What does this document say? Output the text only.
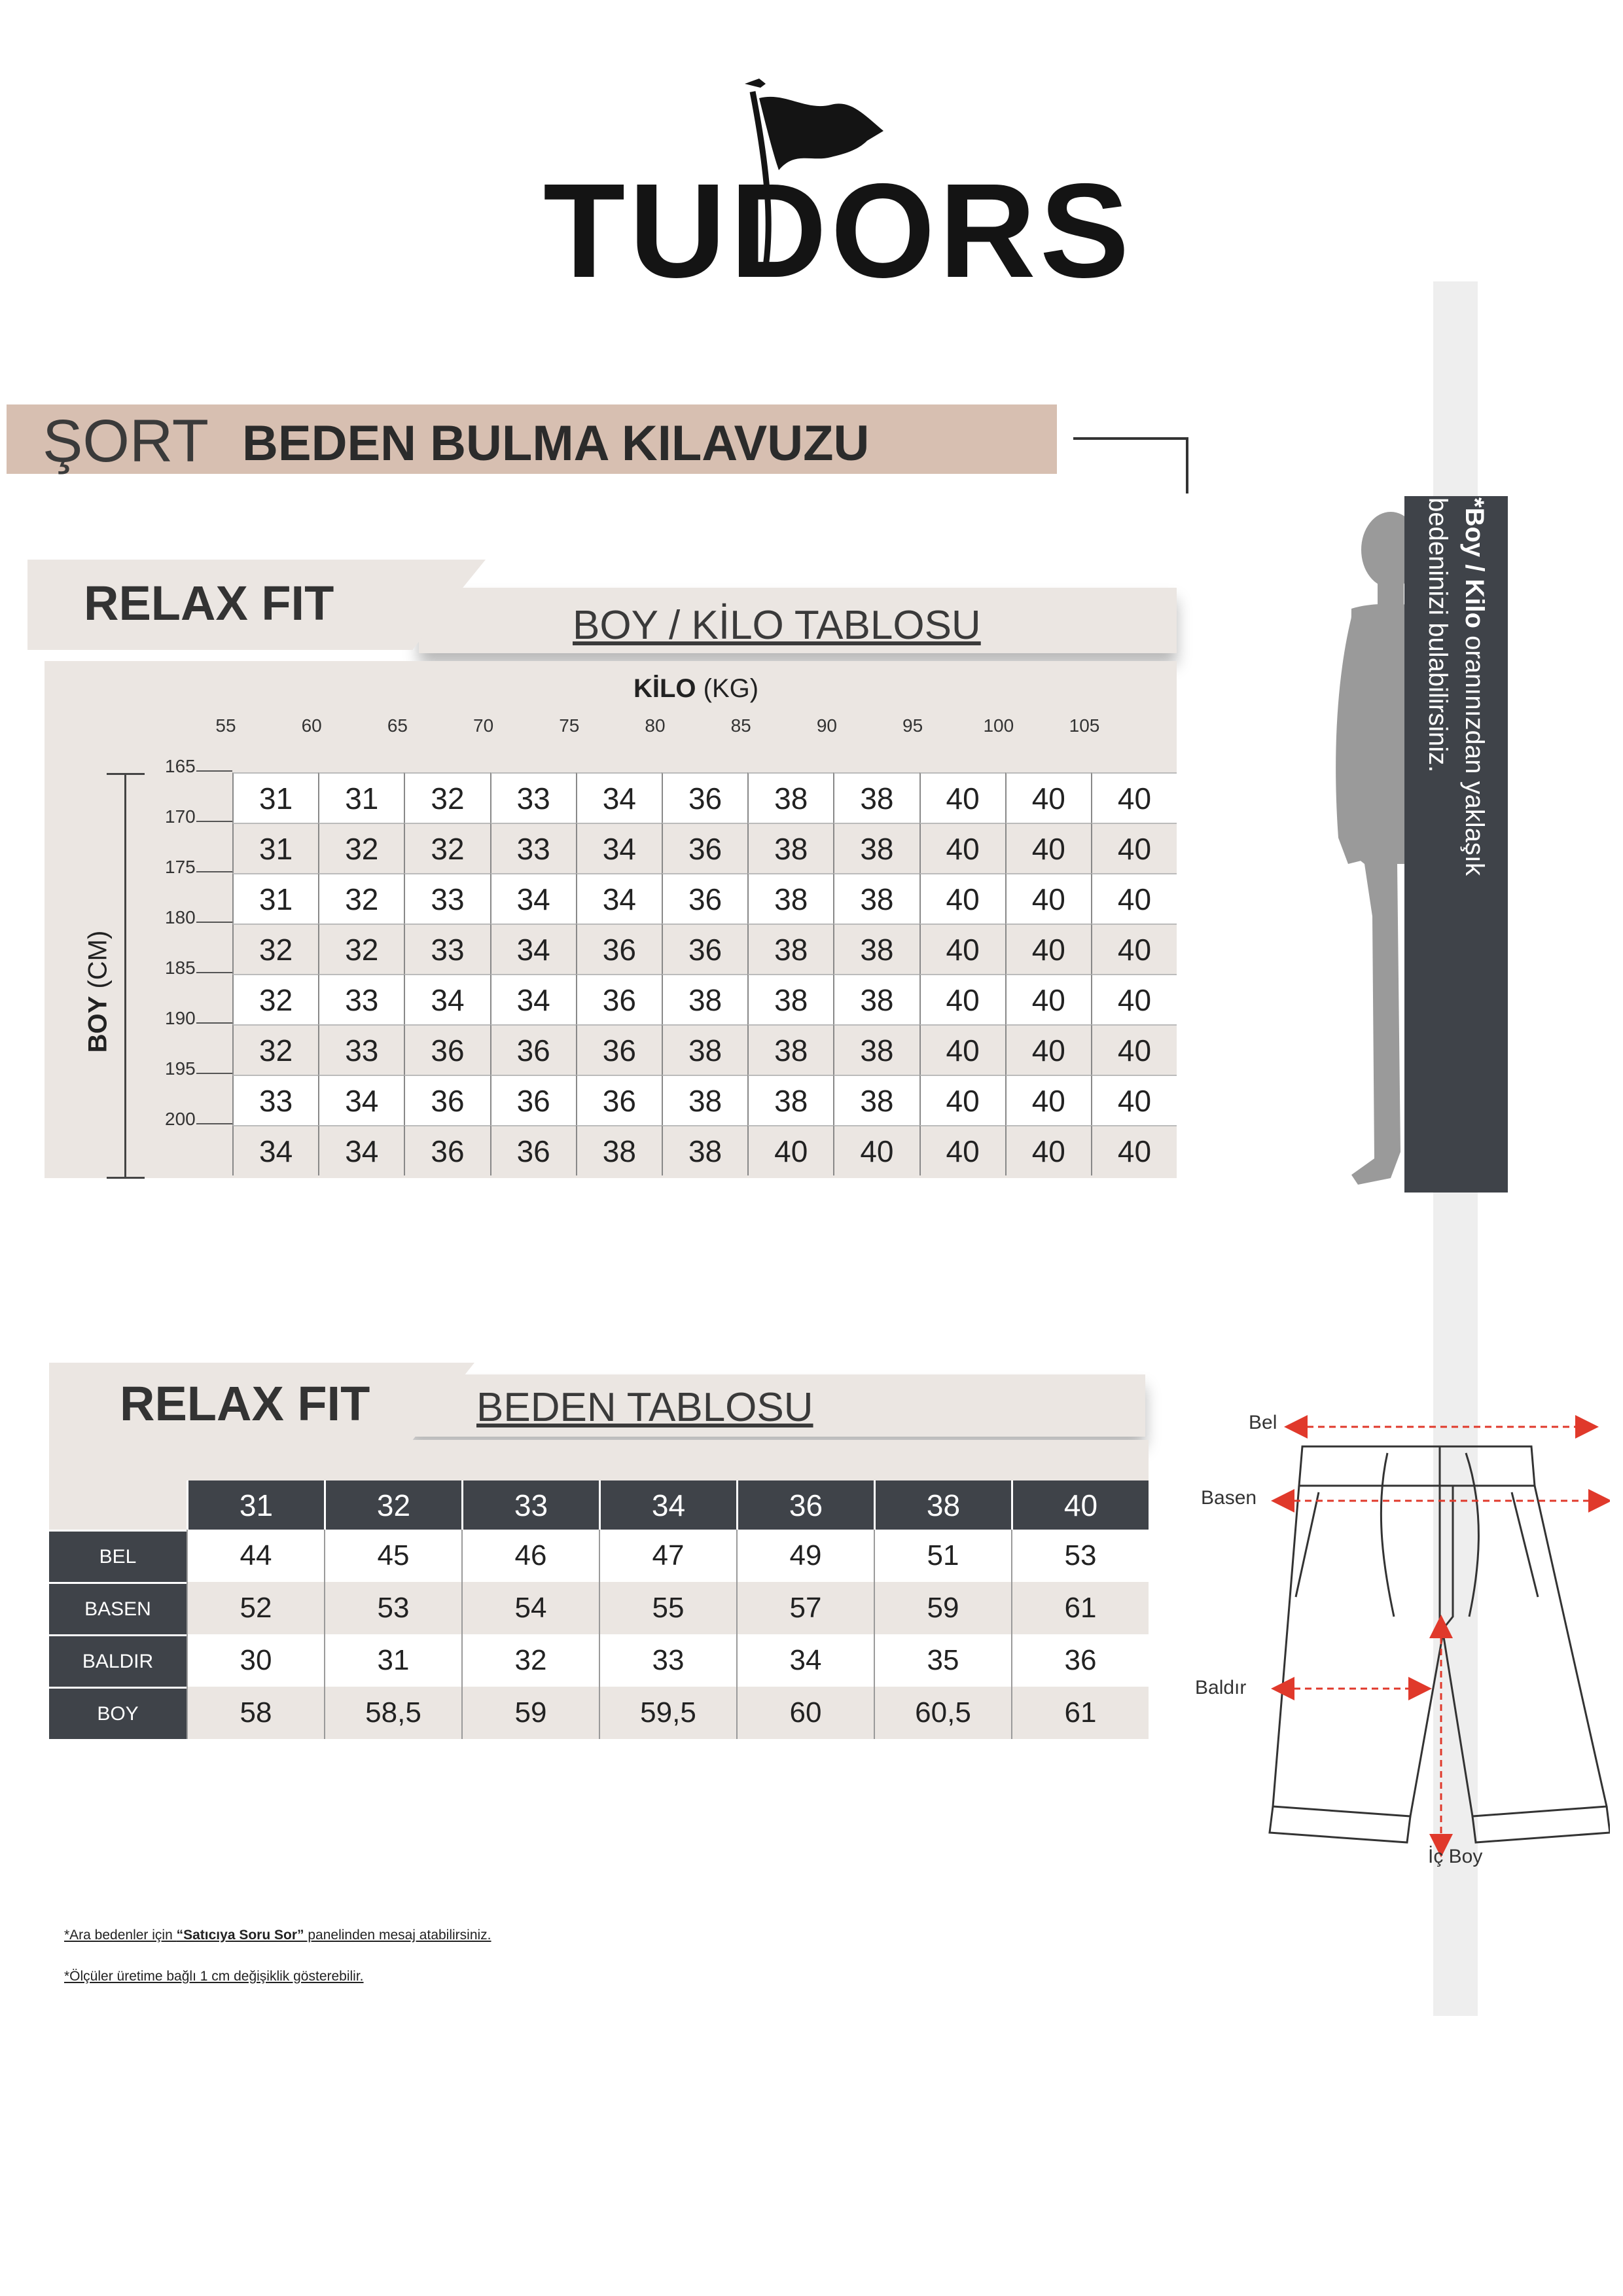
TUDORS
ŞORT BEDEN BULMA KILAVUZU
RELAX FIT	BOY / KİLO TABLOSU
KİLO (KG)
55	60	65	70	75	80	85	90	95	100	105
165
170
175
180
185
190
195
200
BOY (CM)
31	31	32	33	34	36	38	38	40	40	40
31	32	32	33	34	36	38	38	40	40	40
31	32	33	34	34	36	38	38	40	40	40
32	32	33	34	36	36	38	38	40	40	40
32	33	34	34	36	38	38	38	40	40	40
32	33	36	36	36	38	38	38	40	40	40
33	34	36	36	36	38	38	38	40	40	40
34	34	36	36	38	38	40	40	40	40	40
*Boy / Kilo oranınızdan yaklaşık
bedeninizi bulabilirsiniz.
RELAX FIT	BEDEN TABLOSU
31	32	33	34	36	38	40
BEL	44	45	46	47	49	51	53
BASEN	52	53	54	55	57	59	61
BALDIR	30	31	32	33	34	35	36
BOY	58	58,5	59	59,5	60	60,5	61
Bel
Basen
Baldır
İç Boy
*Ara bedenler için “Satıcıya Soru Sor” panelinden mesaj atabilirsiniz.
*Ölçüler üretime bağlı 1 cm değişiklik gösterebilir.
